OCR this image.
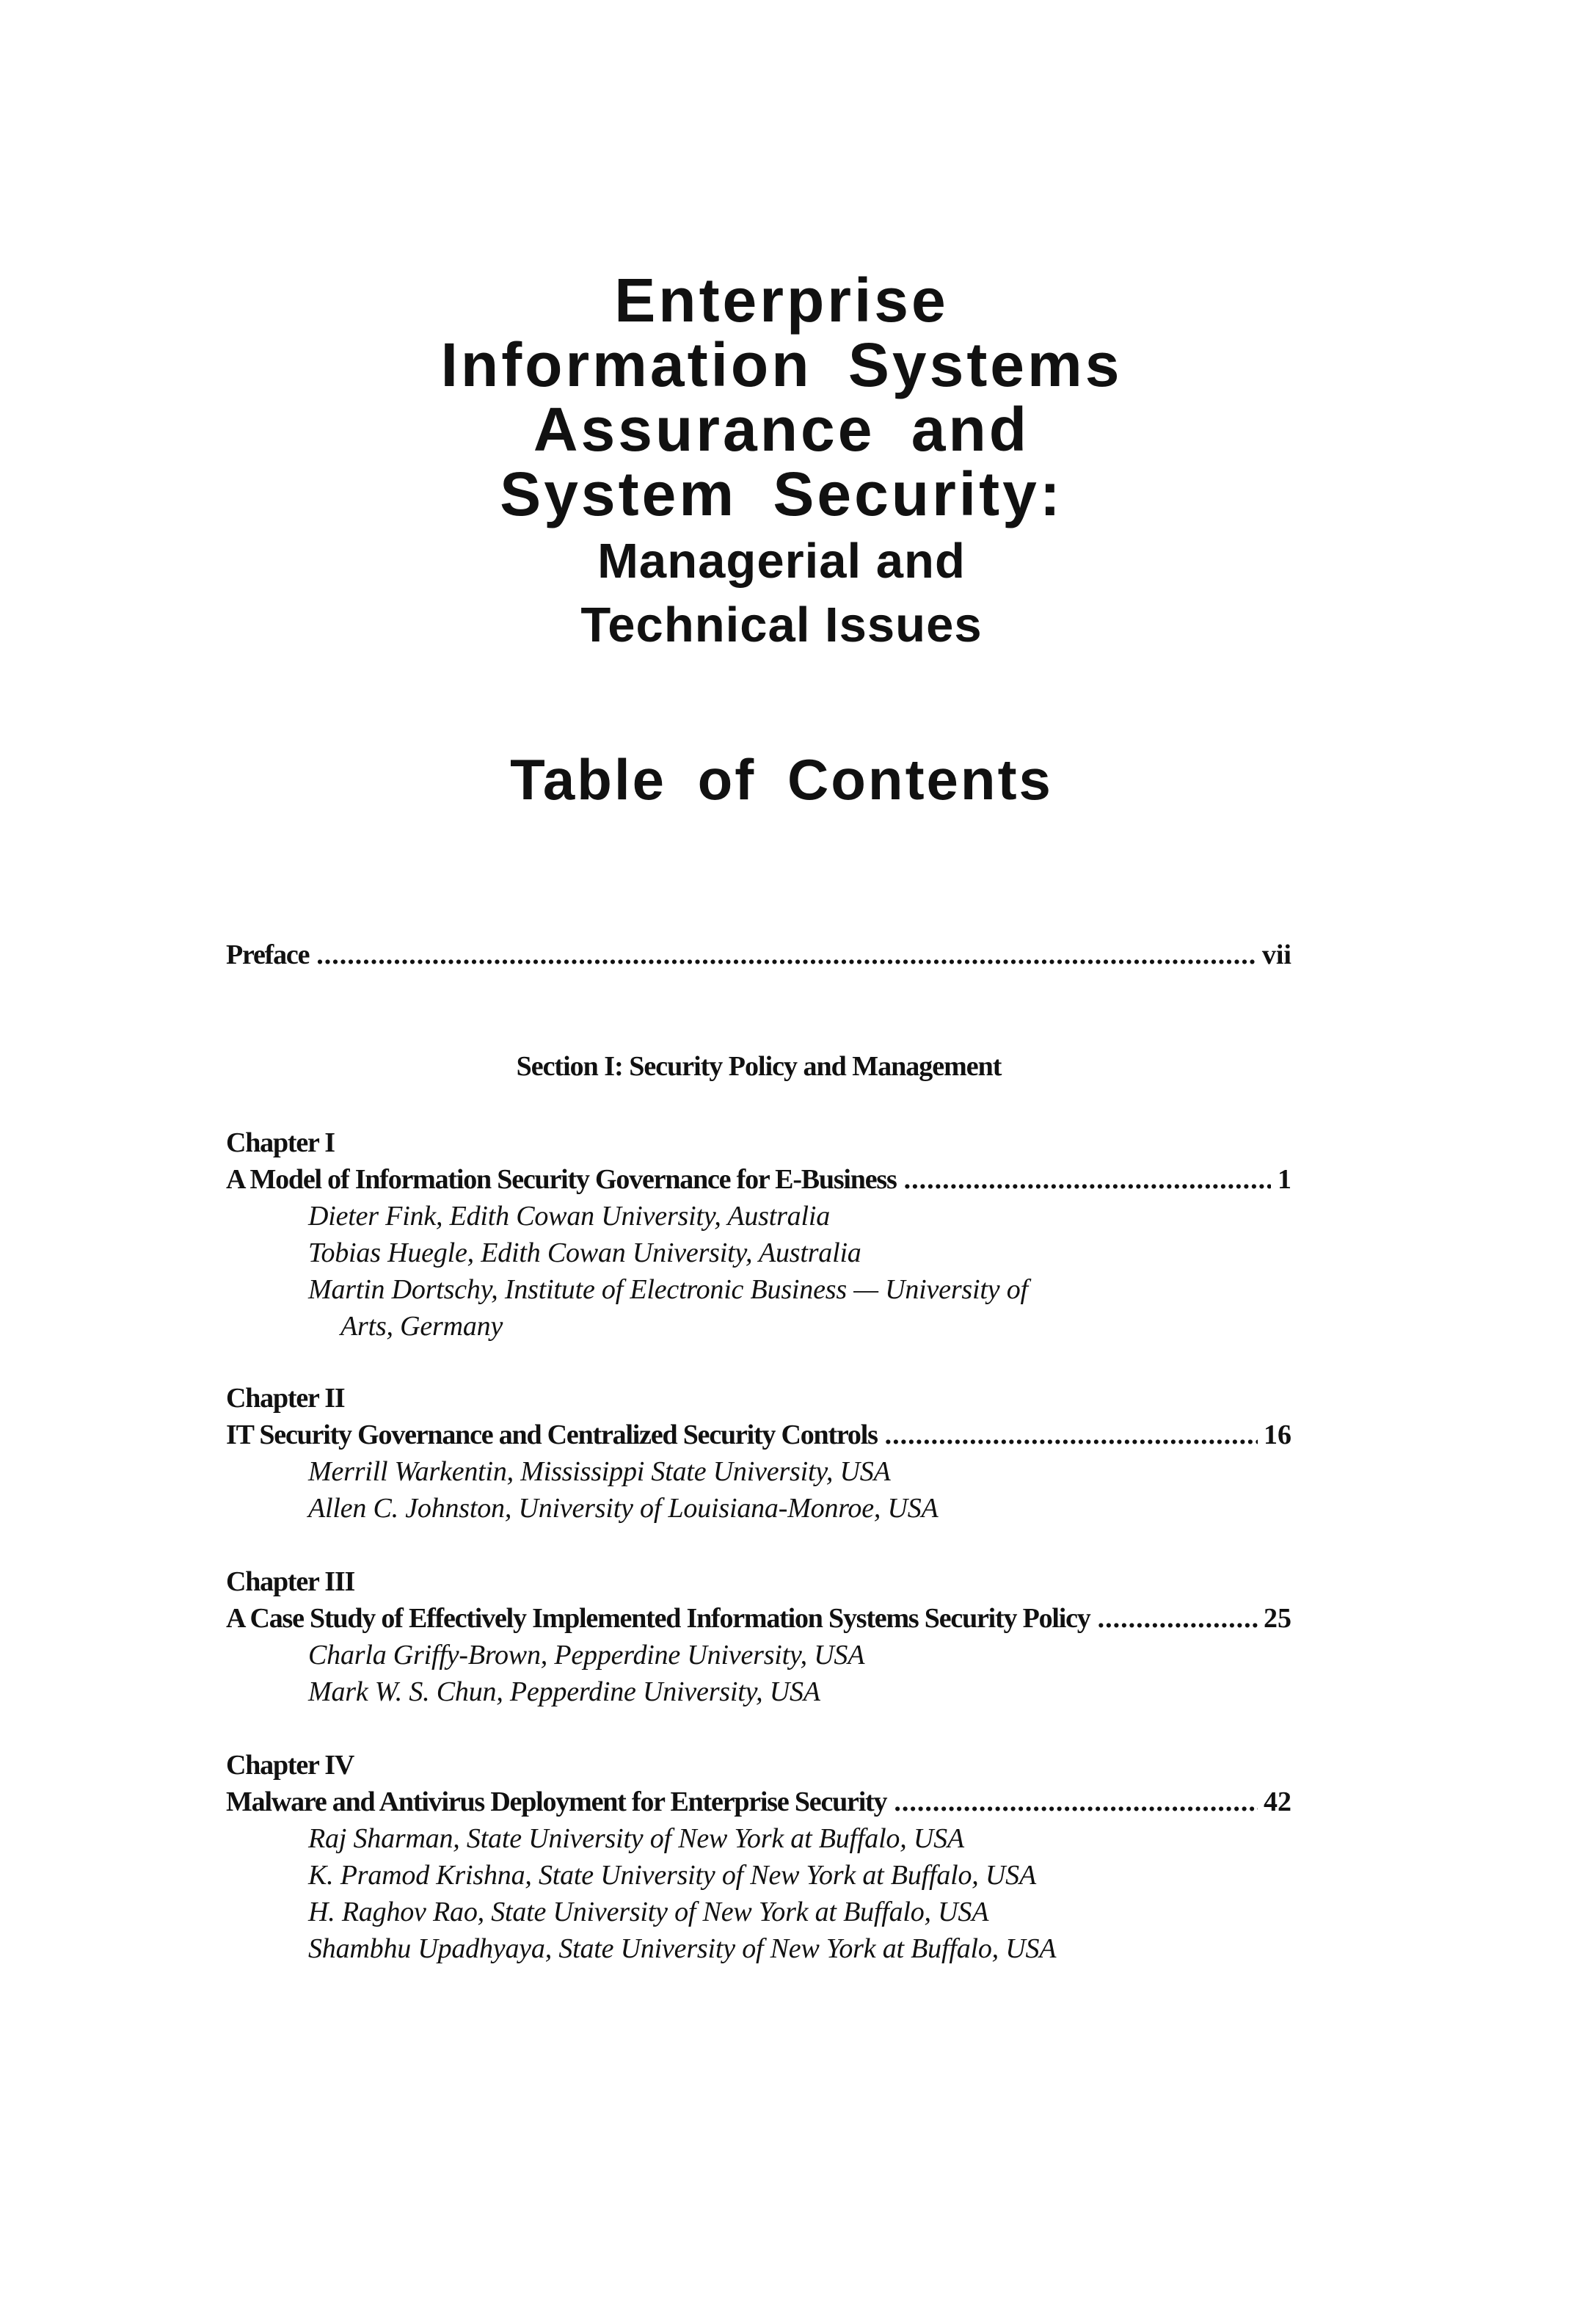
Enterprise
Information Systems
Assurance and
System Security:
Managerial and
Technical Issues
Table of Contents
Preface .....	vii
Section I: Security Policy and Management
Chapter I
A Model of Information Security Governance for E-Business .....	1
Dieter Fink, Edith Cowan University, Australia
Tobias Huegle, Edith Cowan University, Australia
Martin Dortschy, Institute of Electronic Business — University of
Arts, Germany
Chapter II
IT Security Governance and Centralized Security Controls .....	16
Merrill Warkentin, Mississippi State University, USA
Allen C. Johnston, University of Louisiana-Monroe, USA
Chapter III
A Case Study of Effectively Implemented Information Systems Security Policy .....	25
Charla Griffy-Brown, Pepperdine University, USA
Mark W. S. Chun, Pepperdine University, USA
Chapter IV
Malware and Antivirus Deployment for Enterprise Security .....	42
Raj Sharman, State University of New York at Buffalo, USA
K. Pramod Krishna, State University of New York at Buffalo, USA
H. Raghov Rao, State University of New York at Buffalo, USA
Shambhu Upadhyaya, State University of New York at Buffalo, USA
